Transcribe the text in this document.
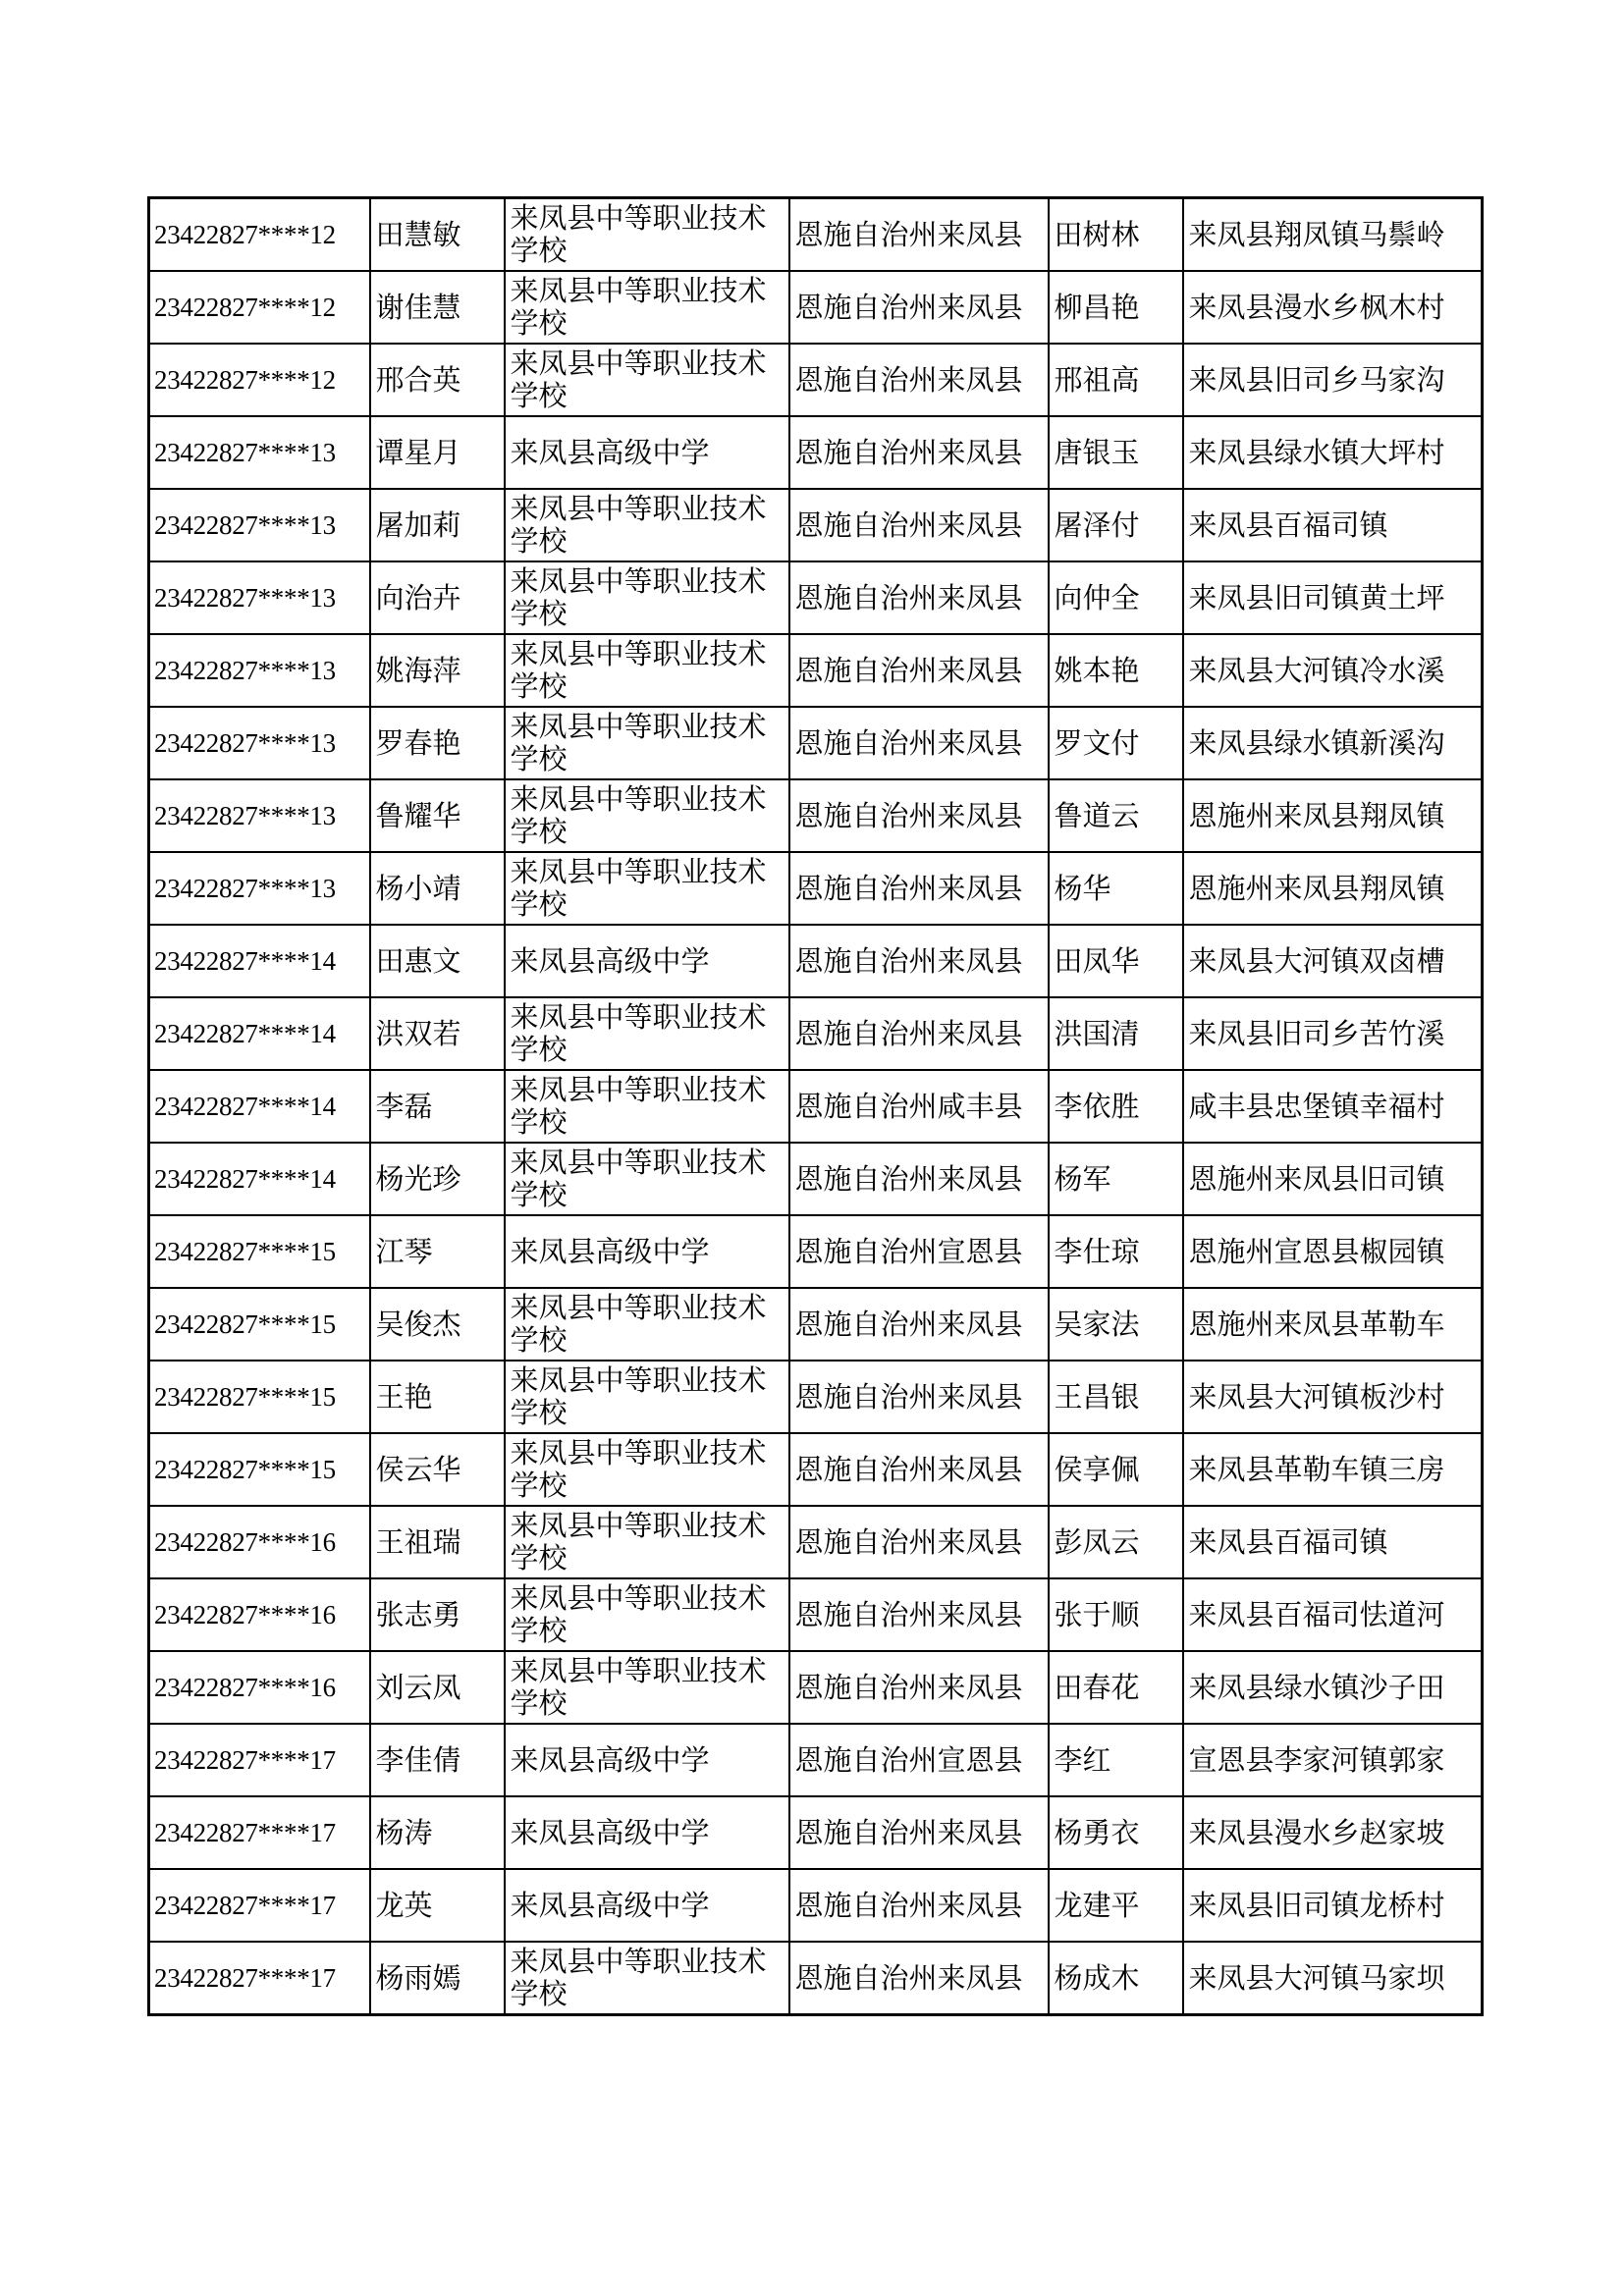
23422827****12	田慧敏	来凤县中等职业技术学校	恩施自治州来凤县	田树林	来凤县翔凤镇马鬃岭
23422827****12	谢佳慧	来凤县中等职业技术学校	恩施自治州来凤县	柳昌艳	来凤县漫水乡枫木村
23422827****12	邢合英	来凤县中等职业技术学校	恩施自治州来凤县	邢祖高	来凤县旧司乡马家沟
23422827****13	谭星月	来凤县高级中学	恩施自治州来凤县	唐银玉	来凤县绿水镇大坪村
23422827****13	屠加莉	来凤县中等职业技术学校	恩施自治州来凤县	屠泽付	来凤县百福司镇
23422827****13	向治卉	来凤县中等职业技术学校	恩施自治州来凤县	向仲全	来凤县旧司镇黄土坪
23422827****13	姚海萍	来凤县中等职业技术学校	恩施自治州来凤县	姚本艳	来凤县大河镇冷水溪
23422827****13	罗春艳	来凤县中等职业技术学校	恩施自治州来凤县	罗文付	来凤县绿水镇新溪沟
23422827****13	鲁耀华	来凤县中等职业技术学校	恩施自治州来凤县	鲁道云	恩施州来凤县翔凤镇
23422827****13	杨小靖	来凤县中等职业技术学校	恩施自治州来凤县	杨华	恩施州来凤县翔凤镇
23422827****14	田惠文	来凤县高级中学	恩施自治州来凤县	田凤华	来凤县大河镇双卤槽
23422827****14	洪双若	来凤县中等职业技术学校	恩施自治州来凤县	洪国清	来凤县旧司乡苦竹溪
23422827****14	李磊	来凤县中等职业技术学校	恩施自治州咸丰县	李依胜	咸丰县忠堡镇幸福村
23422827****14	杨光珍	来凤县中等职业技术学校	恩施自治州来凤县	杨军	恩施州来凤县旧司镇
23422827****15	江琴	来凤县高级中学	恩施自治州宣恩县	李仕琼	恩施州宣恩县椒园镇
23422827****15	吴俊杰	来凤县中等职业技术学校	恩施自治州来凤县	吴家法	恩施州来凤县革勒车
23422827****15	王艳	来凤县中等职业技术学校	恩施自治州来凤县	王昌银	来凤县大河镇板沙村
23422827****15	侯云华	来凤县中等职业技术学校	恩施自治州来凤县	侯享佩	来凤县革勒车镇三房
23422827****16	王祖瑞	来凤县中等职业技术学校	恩施自治州来凤县	彭凤云	来凤县百福司镇
23422827****16	张志勇	来凤县中等职业技术学校	恩施自治州来凤县	张于顺	来凤县百福司怯道河
23422827****16	刘云凤	来凤县中等职业技术学校	恩施自治州来凤县	田春花	来凤县绿水镇沙子田
23422827****17	李佳倩	来凤县高级中学	恩施自治州宣恩县	李红	宣恩县李家河镇郭家
23422827****17	杨涛	来凤县高级中学	恩施自治州来凤县	杨勇衣	来凤县漫水乡赵家坡
23422827****17	龙英	来凤县高级中学	恩施自治州来凤县	龙建平	来凤县旧司镇龙桥村
23422827****17	杨雨嫣	来凤县中等职业技术学校	恩施自治州来凤县	杨成木	来凤县大河镇马家坝
